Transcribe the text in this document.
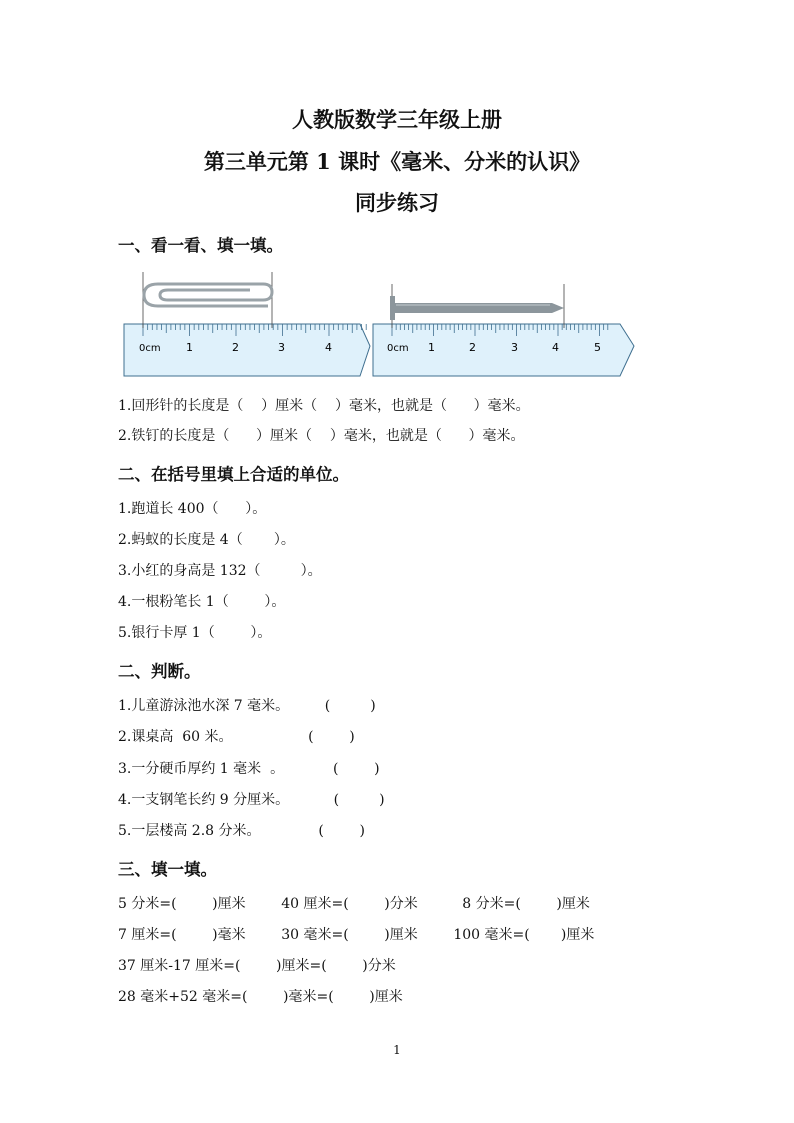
人教版数学三年级上册
第三单元第 1 课时《毫米、分米的认识》
同步练习
一、看一看、填一填。
0cm 1	2	3	4	0cm 1	2	3	4	5
1.回形针的长度是（    ）厘米（    ）毫米，也就是（      ）毫米。
2.铁钉的长度是（      ）厘米（    ）毫米，也就是（      ）毫米。
二、在括号里填上合适的单位。
1.跑道长 400（      ）。
2.蚂蚁的长度是 4（       ）。
3.小红的身高是 132（         ）。
4.一根粉笔长 1（        ）。
5.银行卡厚 1（        ）。
二、判断。
1.儿童游泳池水深 7 毫米。        (         )
2.课桌高  60 米。                 (        )
3.一分硬币厚约 1 毫米  。           (        )
4.一支钢笔长约 9 分厘米。          (         )
5.一层楼高 2.8 分米。             (        )
三、填一填。
5 分米=(        )厘米        40 厘米=(        )分米          8 分米=(        )厘米
7 厘米=(        )毫米        30 毫米=(        )厘米        100 毫米=(       )厘米
37 厘米-17 厘米=(        )厘米=(        )分米
28 毫米+52 毫米=(        )毫米=(        )厘米
1
